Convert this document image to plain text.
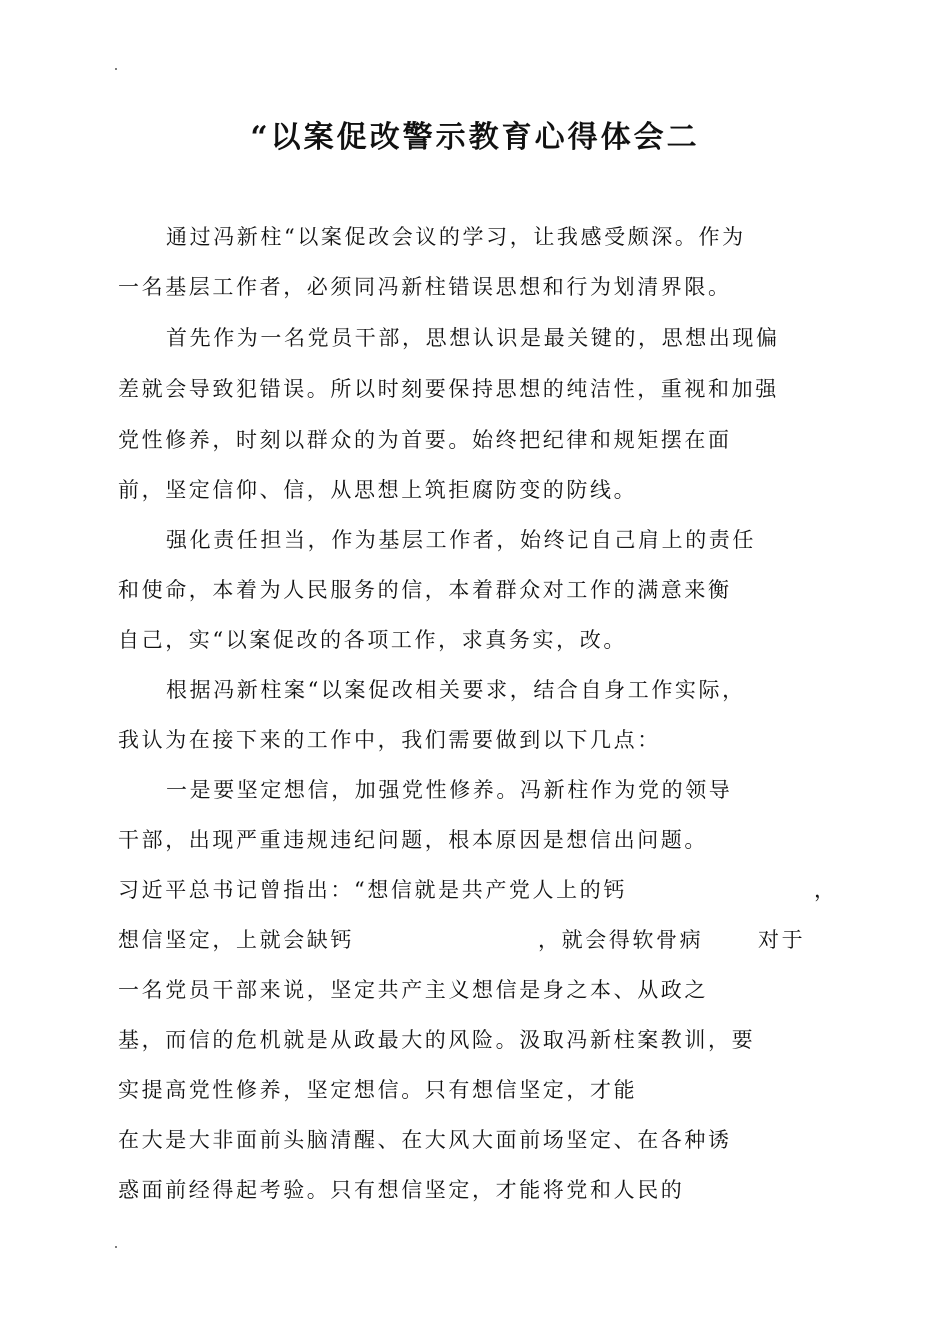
“以案促改警示教育心得体会二
通过冯新柱“以案促改会议的学习，让我感受颇深。作为
一名基层工作者，必须同冯新柱错误思想和行为划清界限。
首先作为一名党员干部，思想认识是最关键的，思想出现偏
差就会导致犯错误。所以时刻要保持思想的纯洁性，重视和加强
党性修养，时刻以群众的为首要。始终把纪律和规矩摆在面
前，坚定信仰、信，从思想上筑拒腐防变的防线。
强化责任担当，作为基层工作者，始终记自己肩上的责任
和使命，本着为人民服务的信，本着群众对工作的满意来衡
自己，实“以案促改的各项工作，求真务实，改。
根据冯新柱案“以案促改相关要求，结合自身工作实际，
我认为在接下来的工作中，我们需要做到以下几点：
一是要坚定想信，加强党性修养。冯新柱作为党的领导
干部，出现严重违规违纪问题，根本原因是想信出问题。
习近平总书记曾指出：“想信就是共产党人上的钙	，
想信坚定，上就会缺钙	，就会得软骨病	对于
一名党员干部来说，坚定共产主义想信是身之本、从政之
基，而信的危机就是从政最大的风险。汲取冯新柱案教训，要
实提高党性修养，坚定想信。只有想信坚定，才能
在大是大非面前头脑清醒、在大风大面前场坚定、在各种诱
惑面前经得起考验。只有想信坚定，才能将党和人民的
